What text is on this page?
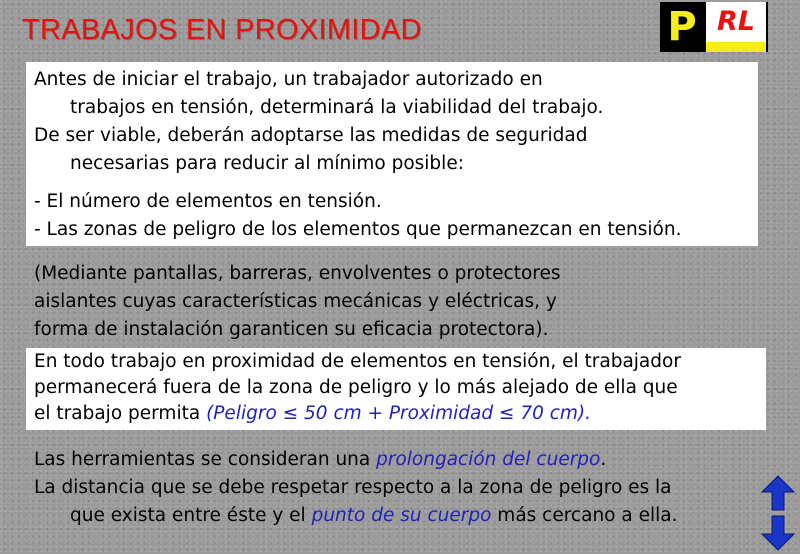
TRABAJOS EN PROXIMIDAD	P RL
Antes de iniciar el trabajo, un trabajador autorizado en
trabajos en tensión, determinará la viabilidad del trabajo.
De ser viable, deberán adoptarse las medidas de seguridad
necesarias para reducir al mínimo posible:
- El número de elementos en tensión.
- Las zonas de peligro de los elementos que permanezcan en tensión.
(Mediante pantallas, barreras, envolventes o protectores
aislantes cuyas características mecánicas y eléctricas, y
forma de instalación garanticen su eficacia protectora).
En todo trabajo en proximidad de elementos en tensión, el trabajador
permanecerá fuera de la zona de peligro y lo más alejado de ella que
el trabajo permita (Peligro ≤ 50 cm + Proximidad ≤ 70 cm).
Las herramientas se consideran una prolongación del cuerpo.
La distancia que se debe respetar respecto a la zona de peligro es la
que exista entre éste y el punto de su cuerpo más cercano a ella.
